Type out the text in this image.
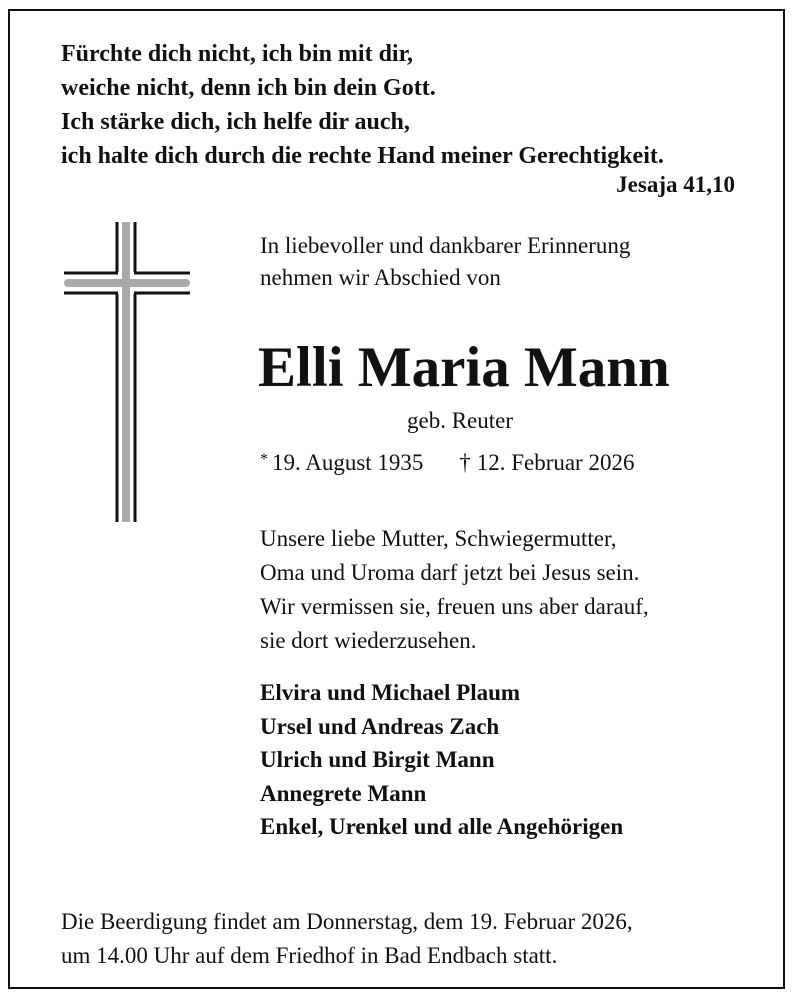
Fürchte dich nicht, ich bin mit dir,

weiche nicht, denn ich bin dein Gott.

Ich stärke dich, ich helfe dir auch,

ich halte dich durch die rechte Hand meiner Gerechtigkeit.

Jesaja 41,10

In liebevoller und dankbarer Erinnerung

nehmen wir Abschied von

Elli Maria Mann
geb. Reuter
* 19. August 1935 † 12. Februar 2026

Unsere liebe Mutter, Schwiegermutter,

Oma und Uroma darf jetzt bei Jesus sein.

Wir vermissen sie, freuen uns aber darauf,

sie dort wiederzusehen.

Elvira und Michael Plaum

Ursel und Andreas Zach

Ulrich und Birgit Mann

Annegrete Mann

Enkel, Urenkel und alle Angehörigen

Die Beerdigung findet am Donnerstag, dem 19. Februar 2026,

um 14.00 Uhr auf dem Friedhof in Bad Endbach statt.
